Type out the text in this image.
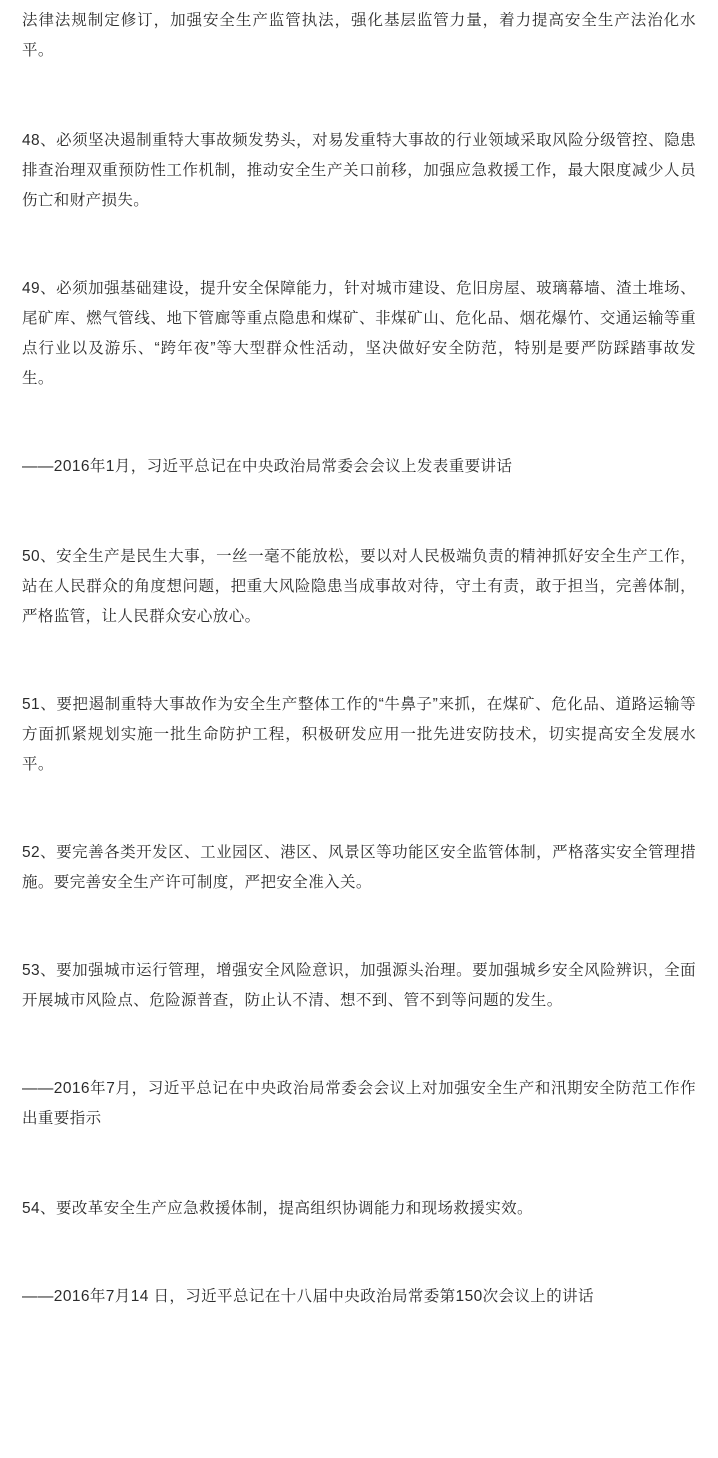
法律法规制定修订，加强安全生产监管执法，强化基层监管力量，着力提高安全生产法治化水平。

48、必须坚决遏制重特大事故频发势头，对易发重特大事故的行业领域采取风险分级管控、隐患排查治理双重预防性工作机制，推动安全生产关口前移，加强应急救援工作，最大限度减少人员伤亡和财产损失。

49、必须加强基础建设，提升安全保障能力，针对城市建设、危旧房屋、玻璃幕墙、渣土堆场、尾矿库、燃气管线、地下管廊等重点隐患和煤矿、非煤矿山、危化品、烟花爆竹、交通运输等重点行业以及游乐、“跨年夜”等大型群众性活动，坚决做好安全防范，特别是要严防踩踏事故发生。

——2016年1月，习近平总记在中央政治局常委会会议上发表重要讲话

50、安全生产是民生大事，一丝一毫不能放松，要以对人民极端负责的精神抓好安全生产工作，站在人民群众的角度想问题，把重大风险隐患当成事故对待，守土有责，敢于担当，完善体制，严格监管，让人民群众安心放心。

51、要把遏制重特大事故作为安全生产整体工作的“牛鼻子”来抓，在煤矿、危化品、道路运输等方面抓紧规划实施一批生命防护工程，积极研发应用一批先进安防技术，切实提高安全发展水平。

52、要完善各类开发区、工业园区、港区、风景区等功能区安全监管体制，严格落实安全管理措施。要完善安全生产许可制度，严把安全准入关。

53、要加强城市运行管理，增强安全风险意识，加强源头治理。要加强城乡安全风险辨识，全面开展城市风险点、危险源普查，防止认不清、想不到、管不到等问题的发生。

——2016年7月，习近平总记在中央政治局常委会会议上对加强安全生产和汛期安全防范工作作出重要指示

54、要改革安全生产应急救援体制，提高组织协调能力和现场救援实效。

——2016年7月14 日，习近平总记在十八届中央政治局常委第150次会议上的讲话
